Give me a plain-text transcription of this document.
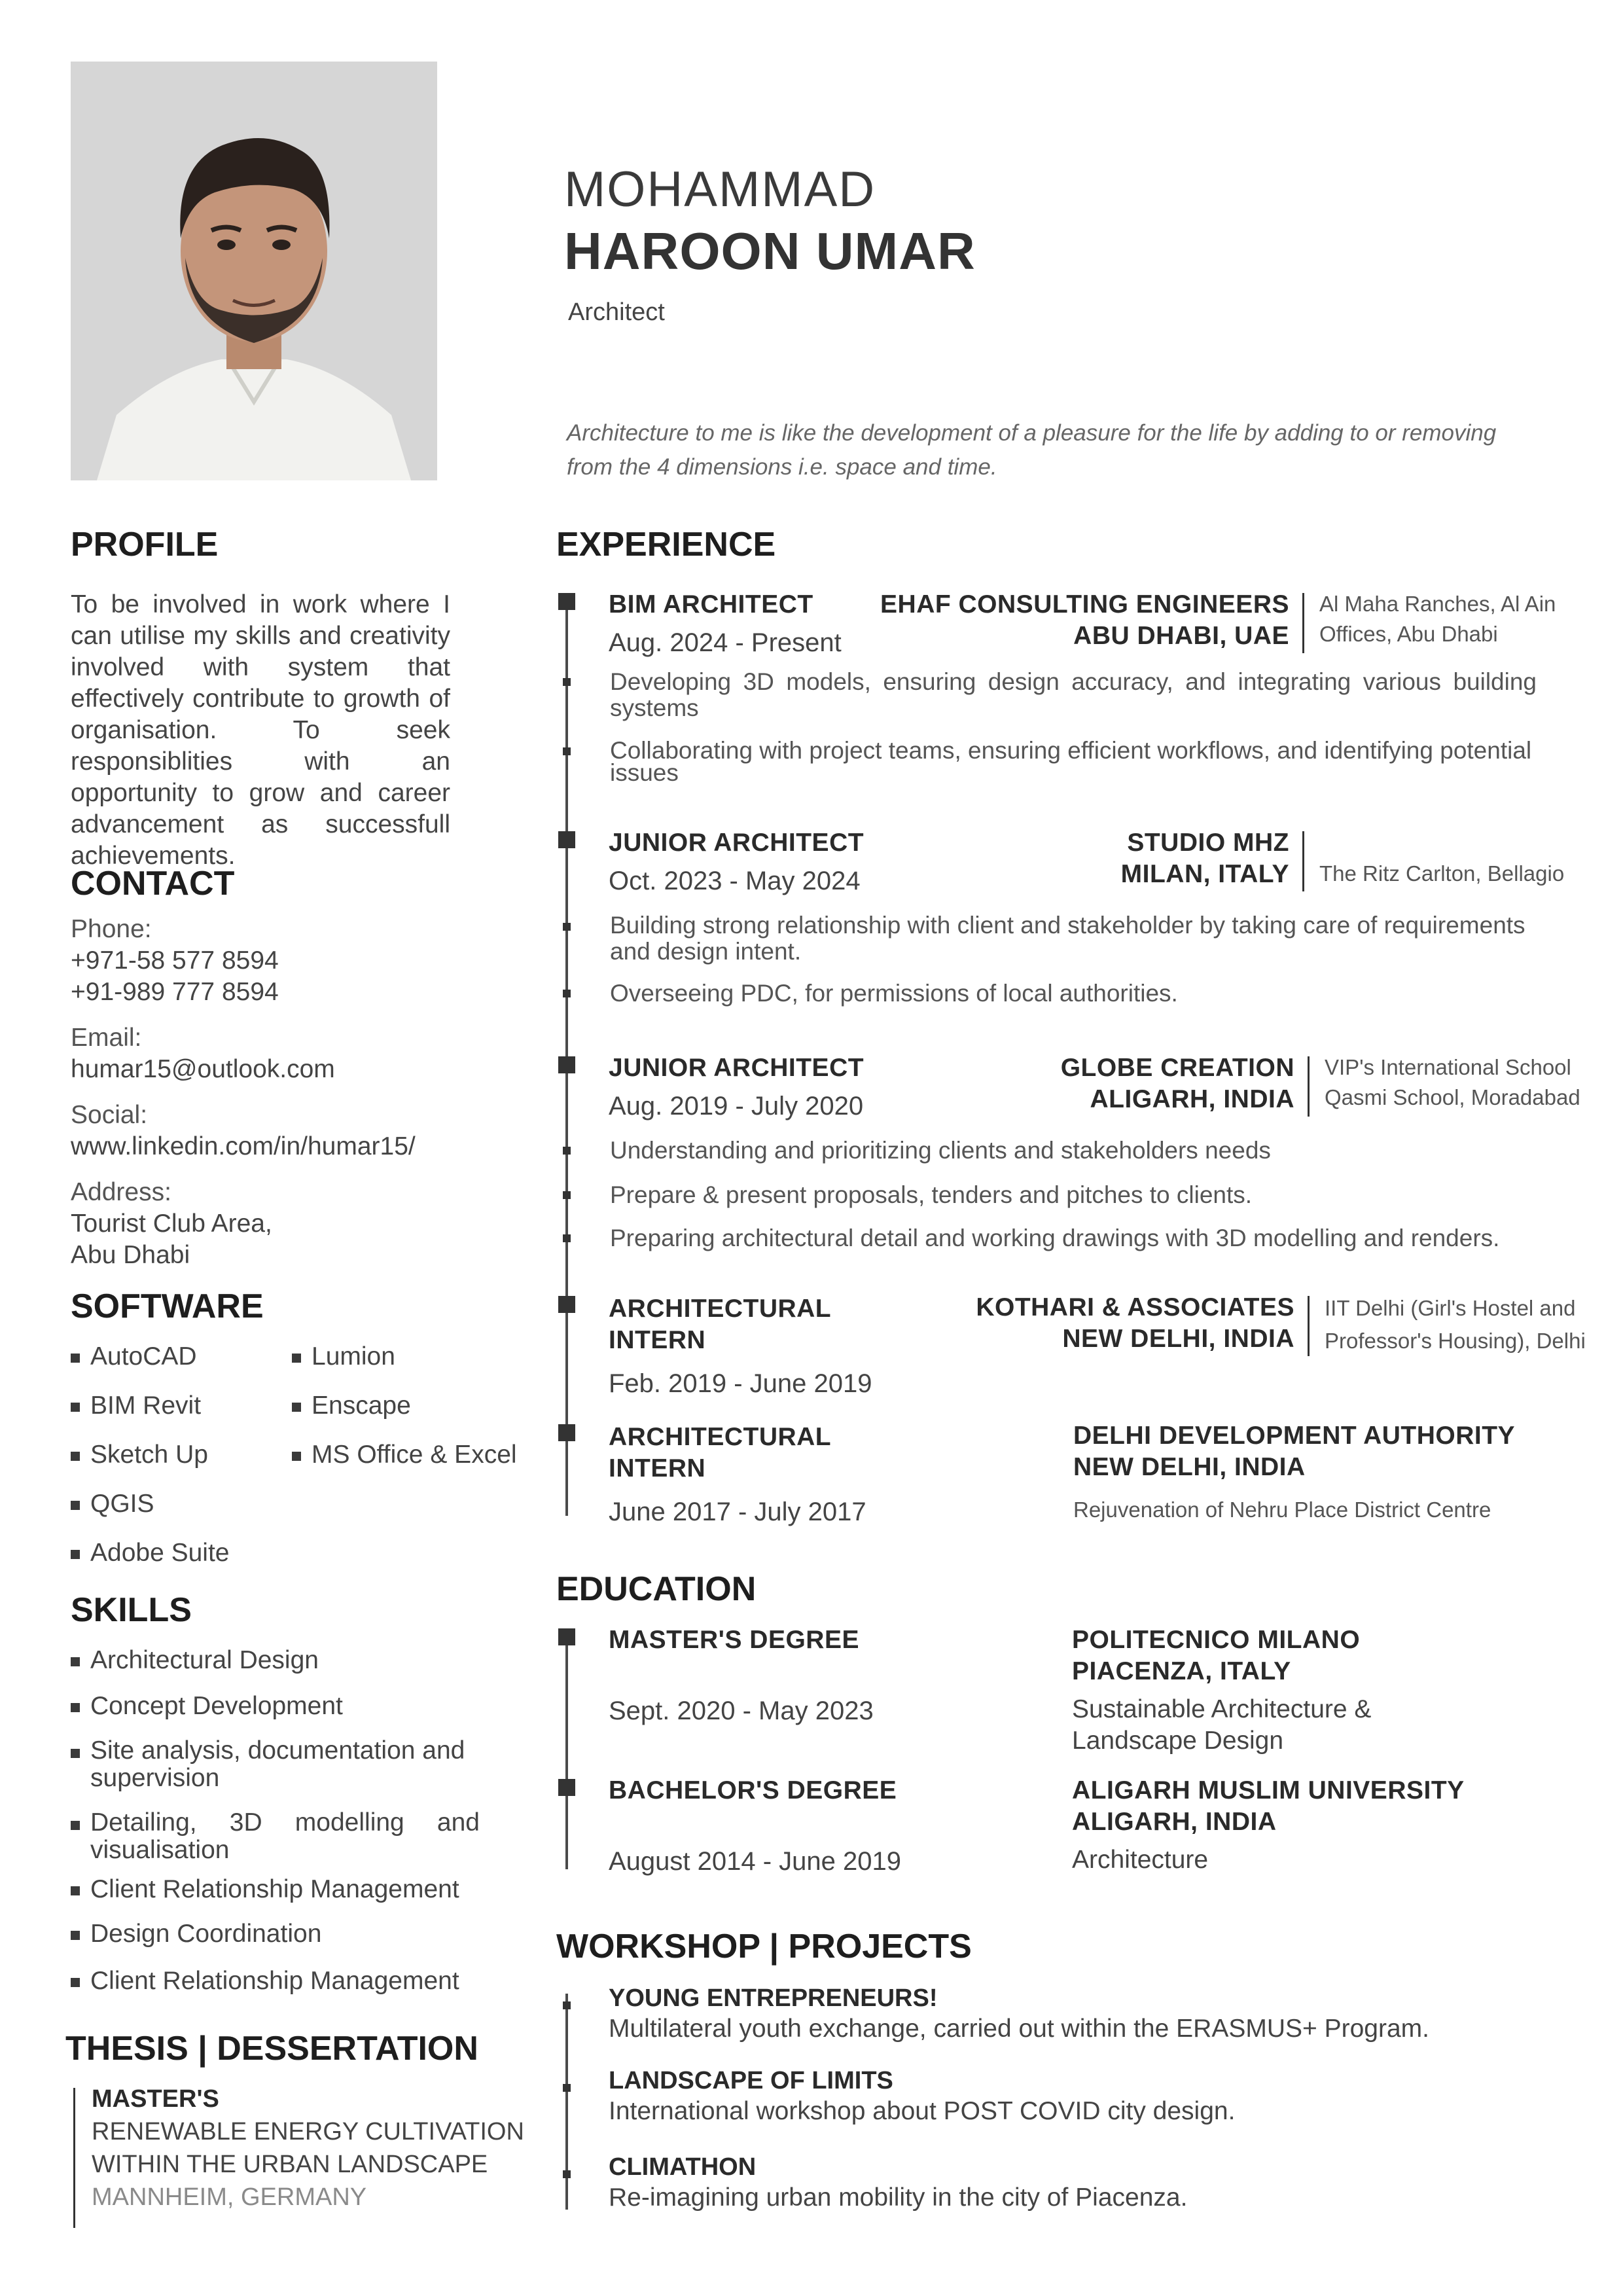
MOHAMMAD
HAROON UMAR
Architect
Architecture to me is like the development of a pleasure for the life by adding to or removing from the 4 dimensions i.e. space and time.
PROFILE
To be involved in work where I can utilise my skills and creativity involved with system that effectively contribute to growth of organisation. To seek responsiblities with an opportunity to grow and career advancement as successfull achievements.
CONTACT
Phone:
+971-58 577 8594
+91-989 777 8594
Email:
humar15@outlook.com
Social:
www.linkedin.com/in/humar15/
Address:
Tourist Club Area,
Abu Dhabi
SOFTWARE
AutoCAD
BIM Revit
Sketch Up
QGIS
Adobe Suite
Lumion
Enscape
MS Office & Excel
SKILLS
Architectural Design
Concept Development
Site analysis, documentation and supervision
Detailing, 3D modelling and visualisation
Client Relationship Management
Design Coordination
Client Relationship Management
THESIS | DESSERTATION
MASTER'S
RENEWABLE ENERGY CULTIVATION
WITHIN THE URBAN LANDSCAPE
MANNHEIM, GERMANY
EXPERIENCE
BIM ARCHITECT
Aug. 2024 - Present
EHAF CONSULTING ENGINEERS
ABU DHABI, UAE
Al Maha Ranches, Al Ain
Offices, Abu Dhabi
Developing 3D models, ensuring design accuracy, and integrating various building systems
Collaborating with project teams, ensuring efficient workflows, and identifying potential issues
JUNIOR ARCHITECT
Oct. 2023 - May 2024
STUDIO MHZ
MILAN, ITALY The Ritz Carlton, Bellagio
Building strong relationship with client and stakeholder by taking care of requirements and design intent.
Overseeing PDC, for permissions of local authorities.
JUNIOR ARCHITECT
Aug. 2019 - July 2020
GLOBE CREATION
ALIGARH, INDIA
VIP's International School
Qasmi School, Moradabad
Understanding and prioritizing clients and stakeholders needs
Prepare & present proposals, tenders and pitches to clients.
Preparing architectural detail and working drawings with 3D modelling and renders.
ARCHITECTURAL
INTERN
Feb. 2019 - June 2019
KOTHARI & ASSOCIATES
NEW DELHI, INDIA
IIT Delhi (Girl's Hostel and
Professor's Housing), Delhi
ARCHITECTURAL
INTERN
June 2017 - July 2017
DELHI DEVELOPMENT AUTHORITY
NEW DELHI, INDIA
Rejuvenation of Nehru Place District Centre
EDUCATION
MASTER'S DEGREE
Sept. 2020 - May 2023
POLITECNICO MILANO
PIACENZA, ITALY
Sustainable Architecture &
Landscape Design
BACHELOR'S DEGREE
August 2014 - June 2019
ALIGARH MUSLIM UNIVERSITY
ALIGARH, INDIA
Architecture
WORKSHOP | PROJECTS
YOUNG ENTREPRENEURS!
Multilateral youth exchange, carried out within the ERASMUS+ Program.
LANDSCAPE OF LIMITS
International workshop about POST COVID city design.
CLIMATHON
Re-imagining urban mobility in the city of Piacenza.
